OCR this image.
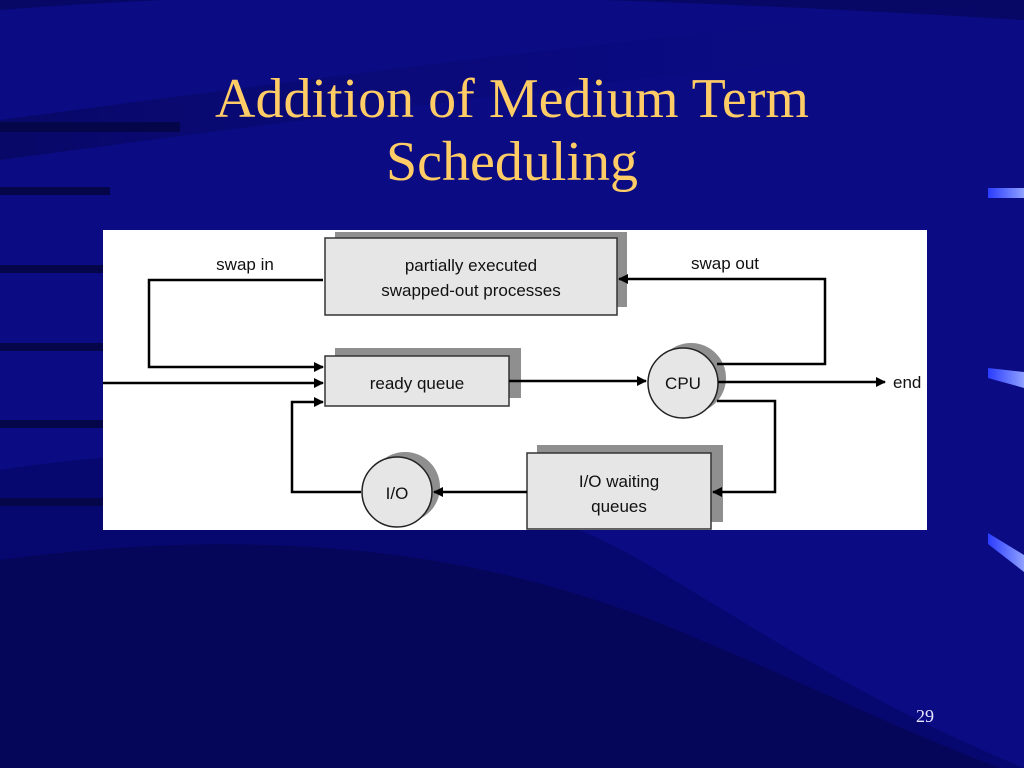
Addition of Medium Term
Scheduling
partially executed
swapped-out processes
ready queue	CPU
I/O
I/O waiting
queues
swap in	swap out
end
29
